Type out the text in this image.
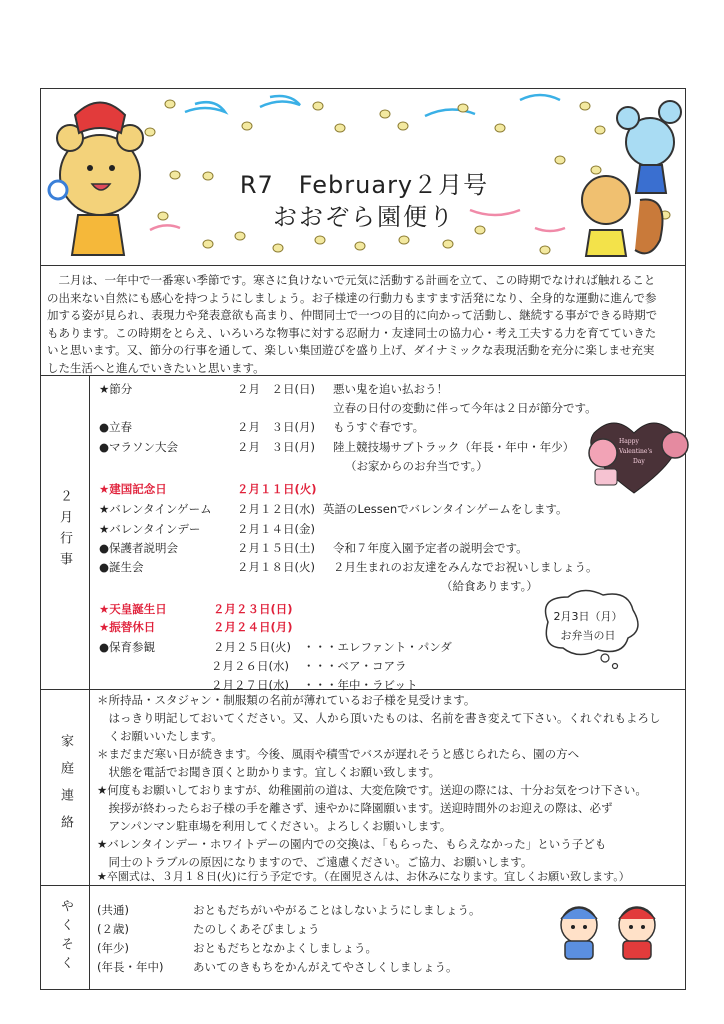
R7　February２月号
おおぞら園便り
　二月は、一年中で一番寒い季節です。寒さに負けないで元気に活動する計画を立て、この時期でなければ触れること
の出来ない自然にも感心を持つようにしましょう。お子様達の行動力もますます活発になり、全身的な運動に進んで参
加する姿が見られ、表現力や発表意欲も高まり、仲間同士で一つの目的に向かって活動し、継続する事ができる時期で
もあります。この時期をとらえ、いろいろな物事に対する忍耐力・友達同士の協力心・考え工夫する力を育てていきた
いと思います。又、節分の行事を通して、楽しい集団遊びを盛り上げ、ダイナミックな表現活動を充分に楽しませ充実
した生活へと進んでいきたいと思います。
２月行事
★節分	２月　２日(日) 悪い鬼を追い払おう！
立春の日付の変動に伴って今年は２日が節分です。
●立春	２月　３日(月) もうすぐ春です。
●マラソン大会	２月　３日(月) 陸上競技場サブトラック（年長・年中・年少）
（お家からのお弁当です。）
★建国記念日	２月１１日(火)
★バレンタインゲーム ２月１２日(水) 英語のLessenでバレンタインゲームをします。
★バレンタインデー	２月１４日(金)
●保護者説明会	２月１５日(土) 令和７年度入園予定者の説明会です。
●誕生会	２月１８日(火) ２月生まれのお友達をみんなでお祝いしましょう。
（給食あります。）
★天皇誕生日	２月２３日(日)
★振替休日	２月２４日(月)
●保育参観	２月２５日(火) ・・・エレファント・パンダ
２月２６日(水) ・・・ベア・コアラ
２月２７日(水) ・・・年中・ラビット
Happy
Valentine's
Day
2月3日（月）
お弁当の日
家庭連絡
＊所持品・スタジャン・制服類の名前が薄れているお子様を見受けます。
　はっきり明記しておいてください。又、人から頂いたものは、名前を書き変えて下さい。くれぐれもよろし
　くお願いいたします。
＊まだまだ寒い日が続きます。今後、風雨や積雪でバスが遅れそうと感じられたら、園の方へ
　状態を電話でお聞き頂くと助かります。宜しくお願い致します。
★何度もお願いしておりますが、幼稚園前の道は、大変危険です。送迎の際には、十分お気をつけ下さい。
　挨拶が終わったらお子様の手を離さず、速やかに降園願います。送迎時間外のお迎えの際は、必ず
　アンパンマン駐車場を利用してください。よろしくお願いします。
★バレンタインデー・ホワイトデーの園内での交換は、「もらった、もらえなかった」という子ども
　同士のトラブルの原因になりますので、ご遠慮ください。ご協力、お願いします。
★卒園式は、３月１８日(火)に行う予定です。（在園児さんは、お休みになります。宜しくお願い致します。）
やくそく (共通)	おともだちがいやがることはしないようにしましょう。
(２歳)	たのしくあそびましょう
(年少)	おともだちとなかよくしましょう。
(年長・年中)	あいてのきもちをかんがえてやさしくしましょう。
